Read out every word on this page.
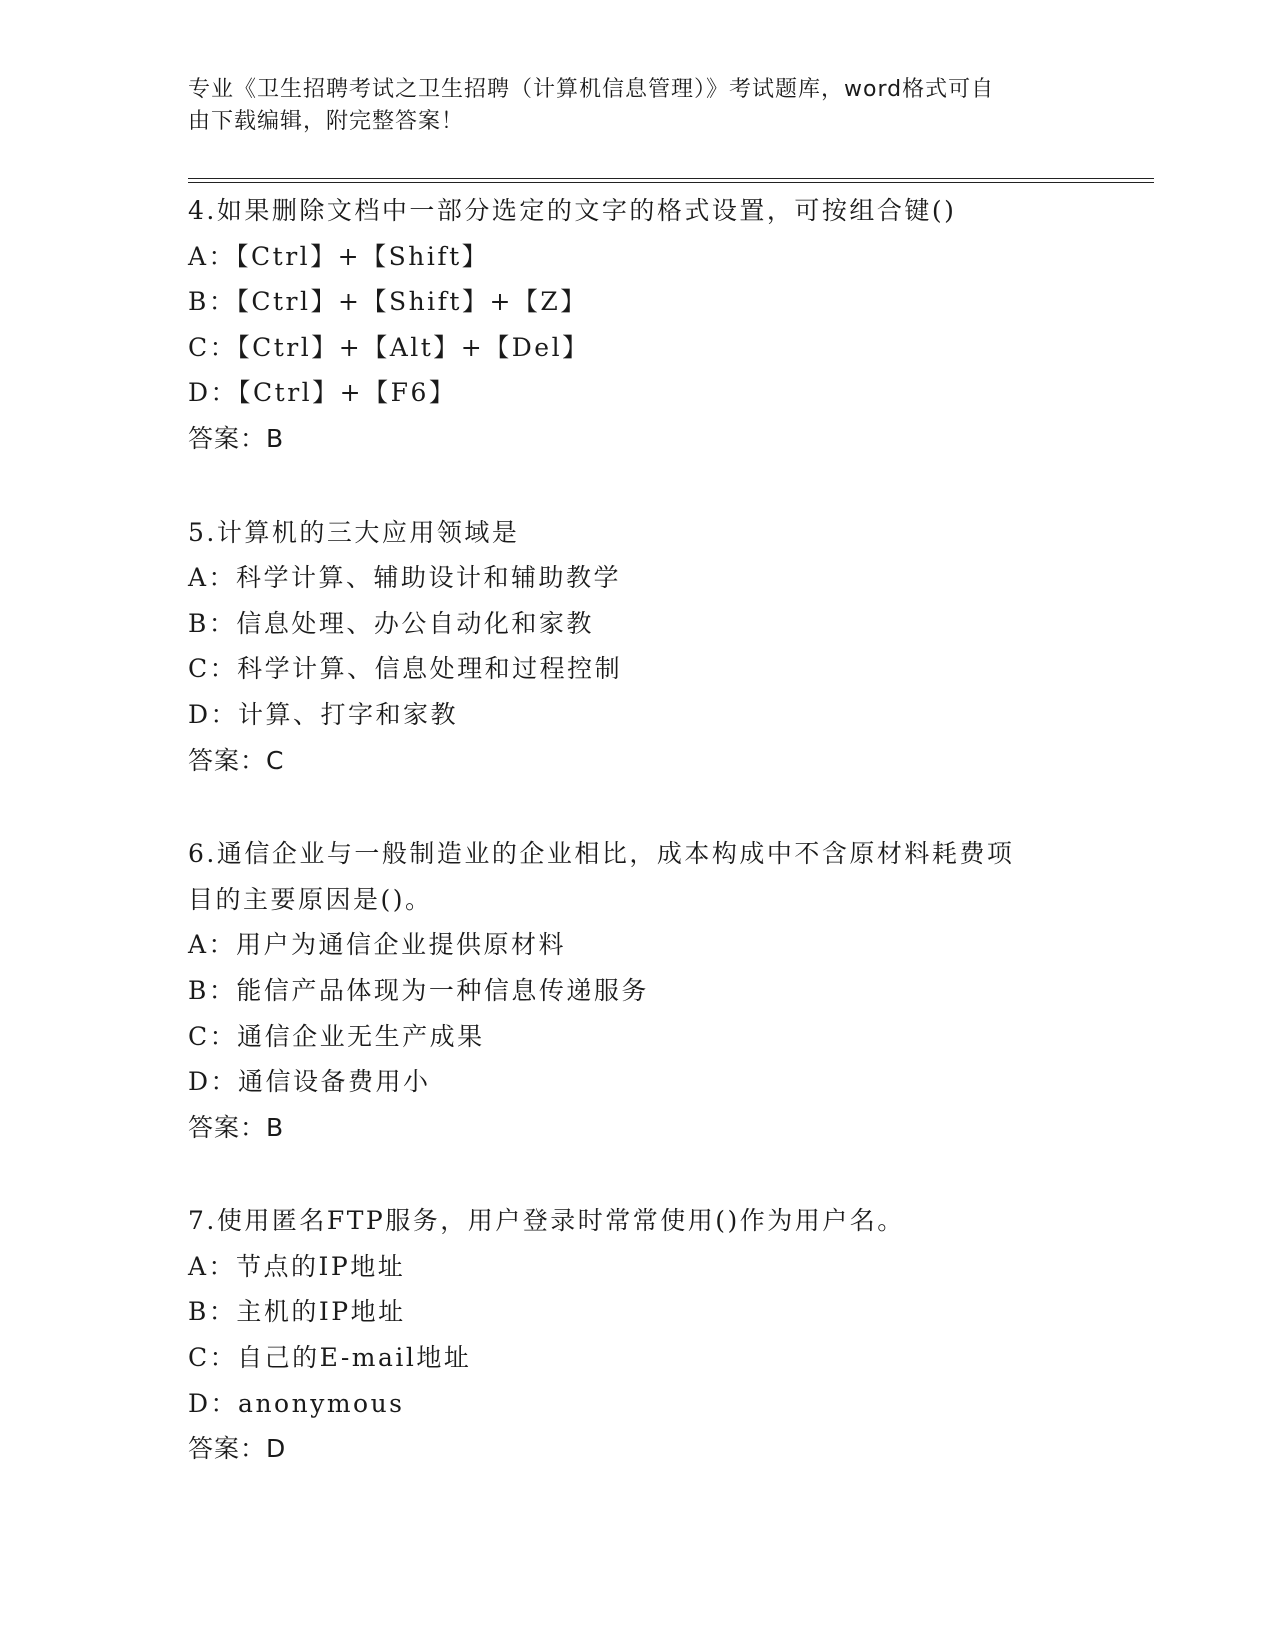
专业《卫生招聘考试之卫生招聘（计算机信息管理）》考试题库，word格式可自
由下载编辑，附完整答案！
4.如果删除文档中一部分选定的文字的格式设置，可按组合键()
A：【Ctrl】+【Shift】
B：【Ctrl】+【Shift】+【Z】
C：【Ctrl】+【Alt】+【Del】
D：【Ctrl】+【F6】
答案：B
5.计算机的三大应用领域是
A：科学计算、辅助设计和辅助教学
B：信息处理、办公自动化和家教
C：科学计算、信息处理和过程控制
D：计算、打字和家教
答案：C
6.通信企业与一般制造业的企业相比，成本构成中不含原材料耗费项
目的主要原因是()。
A：用户为通信企业提供原材料
B：能信产品体现为一种信息传递服务
C：通信企业无生产成果
D：通信设备费用小
答案：B
7.使用匿名FTP服务，用户登录时常常使用()作为用户名。
A：节点的IP地址
B：主机的IP地址
C：自己的E-mail地址
D：anonymous
答案：D
